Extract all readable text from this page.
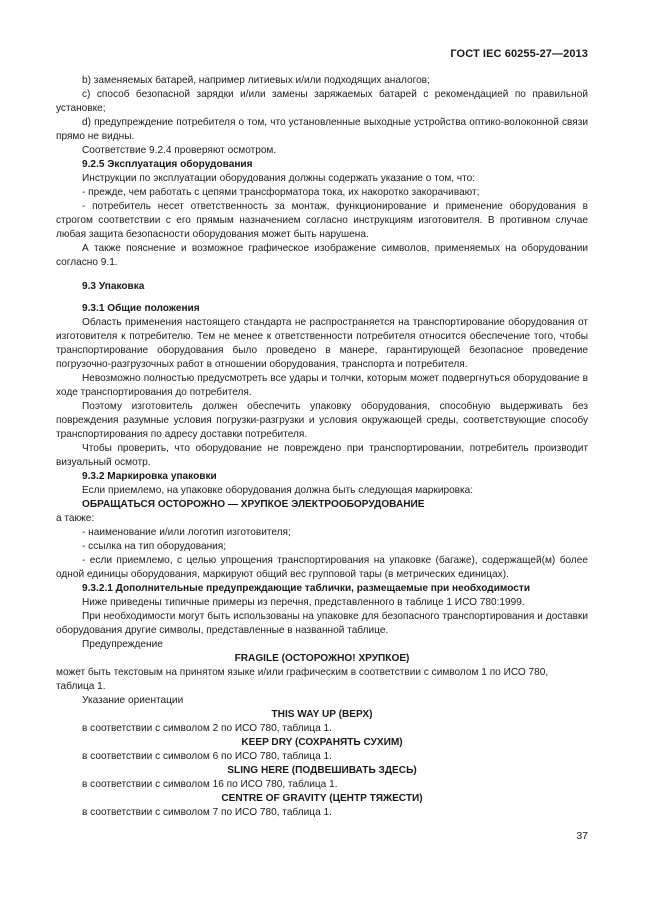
ГОСТ IEC 60255-27—2013

b) заменяемых батарей, например литиевых и/или подходящих аналогов;

c) способ безопасной зарядки и/или замены заряжаемых батарей с рекомендацией по правильной установке;

d) предупреждение потребителя о том, что установленные выходные устройства оптико-волоконной связи прямо не видны.

Соответствие 9.2.4 проверяют осмотром.

9.2.5 Эксплуатация оборудования

Инструкции по эксплуатации оборудования должны содержать указание о том, что:

- прежде, чем работать с цепями трансформатора тока, их накоротко закорачивают;

- потребитель несет ответственность за монтаж, функционирование и применение оборудования в строгом соответствии с его прямым назначением согласно инструкциям изготовителя. В противном случае любая защита безопасности оборудования может быть нарушена.

А также пояснение и возможное графическое изображение символов, применяемых на оборудовании согласно 9.1.

9.3 Упаковка

9.3.1 Общие положения

Область применения настоящего стандарта не распространяется на транспортирование оборудования от изготовителя к потребителю. Тем не менее к ответственности потребителя относится обеспечение того, чтобы транспортирование оборудования было проведено в манере, гарантирующей безопасное проведение погрузочно-разгрузочных работ в отношении оборудования, транспорта и потребителя.

Невозможно полностью предусмотреть все удары и толчки, которым может подвергнуться оборудование в ходе транспортирования до потребителя.

Поэтому изготовитель должен обеспечить упаковку оборудования, способную выдерживать без повреждения разумные условия погрузки-разгрузки и условия окружающей среды, соответствующие способу транспортирования по адресу доставки потребителя.

Чтобы проверить, что оборудование не повреждено при транспортировании, потребитель производит визуальный осмотр.

9.3.2 Маркировка упаковки

Если приемлемо, на упаковке оборудования должна быть следующая маркировка:

ОБРАЩАТЬСЯ ОСТОРОЖНО — ХРУПКОЕ ЭЛЕКТРООБОРУДОВАНИЕ

а также:

- наименование и/или логотип изготовителя;

- ссылка на тип оборудования;

- если приемлемо, с целью упрощения транспортирования на упаковке (багаже), содержащей(м) более одной единицы оборудования, маркируют общий вес групповой тары (в метрических единицах).

9.3.2.1 Дополнительные предупреждающие таблички, размещаемые при необходимости

Ниже приведены типичные примеры из перечня, представленного в таблице 1 ИСО 780:1999.

При необходимости могут быть использованы на упаковке для безопасного транспортирования и доставки оборудования другие символы, представленные в названной таблице.

Предупреждение

FRAGILE (ОСТОРОЖНО! ХРУПКОЕ)

может быть текстовым на принятом языке и/или графическим в соответствии с символом 1 по ИСО 780, таблица 1.

Указание ориентации

THIS WAY UP (ВЕРХ)

в соответствии с символом 2 по ИСО 780, таблица 1.

KEEP DRY (СОХРАНЯТЬ СУХИМ)

в соответствии с символом 6 по ИСО 780, таблица 1.

SLING HERE (ПОДВЕШИВАТЬ ЗДЕСЬ)

в соответствии с символом 16 по ИСО 780, таблица 1.

CENTRE OF GRAVITY (ЦЕНТР ТЯЖЕСТИ)

в соответствии с символом 7 по ИСО 780, таблица 1.

37
